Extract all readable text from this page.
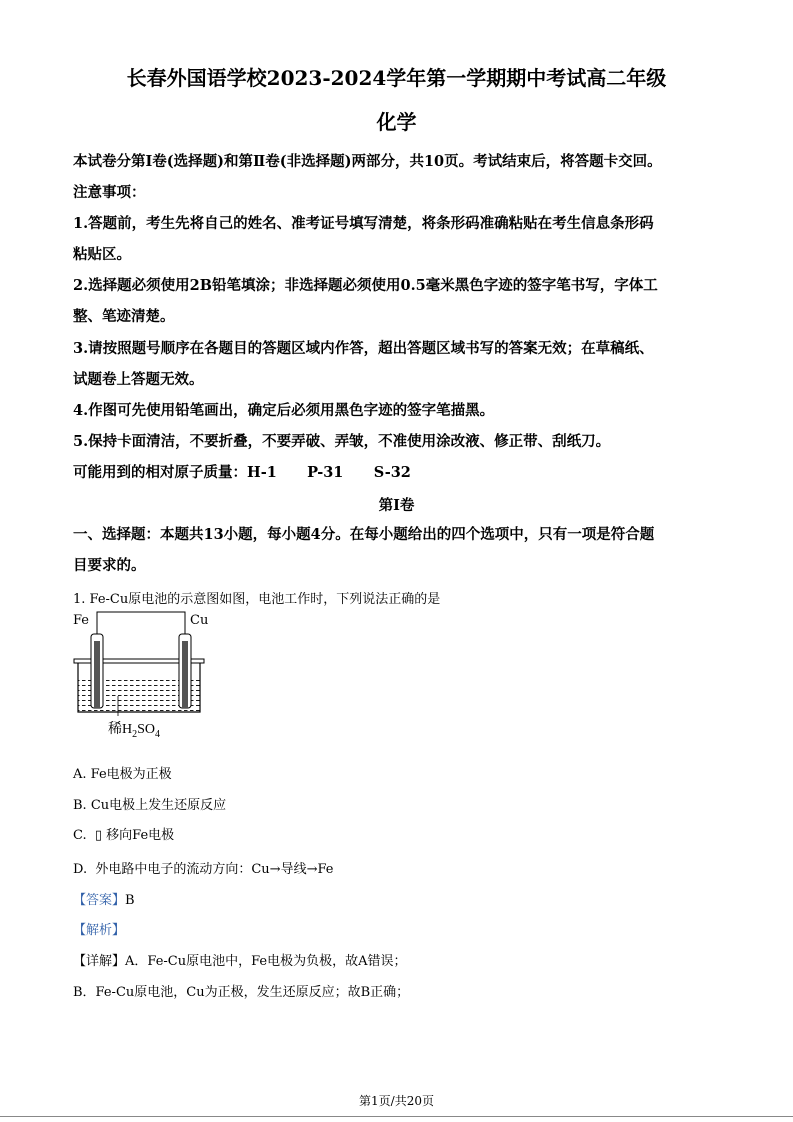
长春外国语学校2023-2024学年第一学期期中考试高二年级
化学
本试卷分第Ⅰ卷(选择题)和第Ⅱ卷(非选择题)两部分，共10页。考试结束后，将答题卡交回。
注意事项：
1.答题前，考生先将自己的姓名、准考证号填写清楚，将条形码准确粘贴在考生信息条形码
粘贴区。
2.选择题必须使用2B铅笔填涂；非选择题必须使用0.5毫米黑色字迹的签字笔书写，字体工
整、笔迹清楚。
3.请按照题号顺序在各题目的答题区域内作答，超出答题区域书写的答案无效；在草稿纸、
试题卷上答题无效。
4.作图可先使用铅笔画出，确定后必须用黑色字迹的签字笔描黑。
5.保持卡面清洁，不要折叠，不要弄破、弄皱，不准使用涂改液、修正带、刮纸刀。
可能用到的相对原子质量：H-1      P-31      S-32
第Ⅰ卷
一、选择题：本题共13小题，每小题4分。在每小题给出的四个选项中，只有一项是符合题
目要求的。
1. Fe-Cu原电池的示意图如图，电池工作时，下列说法正确的是
Fe	Cu
稀$H_2SO_4$
A. Fe电极为正极
B. Cu电极上发生还原反应
C.  ▯ 移向Fe电极
D.  外电路中电子的流动方向：Cu→导线→Fe
【答案】B
【解析】
【详解】A．Fe-Cu原电池中，Fe电极为负极，故A错误；
B．Fe-Cu原电池，Cu为正极，发生还原反应；故B正确；
第1页/共20页
